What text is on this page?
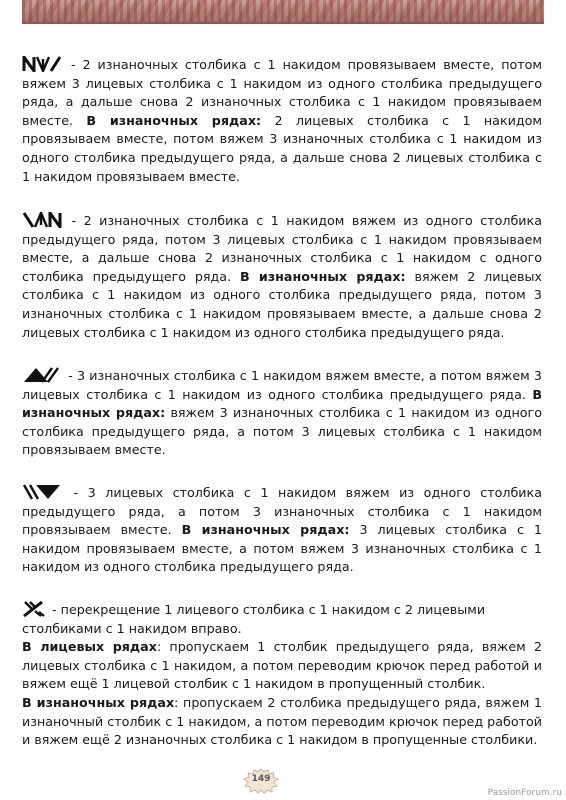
- 2 изнаночных столбика с 1 накидом провязываем вместе, потом вяжем 3 лицевых столбика с 1 накидом из одного столбика предыдущего ряда, а дальше снова 2 изнаночных столбика с 1 накидом провязываем вместе. В изнаночных рядах: 2 лицевых столбика с 1 накидом провязываем вместе, потом вяжем 3 изнаночных столбика с 1 накидом из одного столбика предыдущего ряда, а дальше снова 2 лицевых столбика с 1 накидом провязываем вместе.

- 2 изнаночных столбика с 1 накидом вяжем из одного столбика предыдущего ряда, потом 3 лицевых столбика с 1 накидом провязываем вместе, а дальше снова 2 изнаночных столбика с 1 накидом с одного столбика предыдущего ряда. В изнаночных рядах: вяжем 2 лицевых столбика с 1 накидом из одного столбика предыдущего ряда, потом 3 изнаночных столбика с 1 накидом провязываем вместе, а дальше снова 2 лицевых столбика с 1 накидом из одного столбика предыдущего ряда.

- 3 изнаночных столбика с 1 накидом вяжем вместе, а потом вяжем 3 лицевых столбика с 1 накидом из одного столбика предыдущего ряда. В изнаночных рядах: вяжем 3 изнаночных столбика с 1 накидом из одного столбика предыдущего ряда, а потом 3 лицевых столбика с 1 накидом провязываем вместе.

- 3 лицевых столбика с 1 накидом вяжем из одного столбика предыдущего ряда, а потом 3 изнаночных столбика с 1 накидом провязываем вместе. В изнаночных рядах: 3 лицевых столбика с 1 накидом провязываем вместе, а потом вяжем 3 изнаночных столбика с 1 накидом из одного столбика предыдущего ряда.

- перекрещение 1 лицевого столбика с 1 накидом с 2 лицевыми столбиками с 1 накидом вправо.

В лицевых рядах: пропускаем 1 столбик предыдущего ряда, вяжем 2 лицевых столбика с 1 накидом, а потом переводим крючок перед работой и вяжем ещё 1 лицевой столбик с 1 накидом в пропущенный столбик.

В изнаночных рядах: пропускаем 2 столбика предыдущего ряда, вяжем 1 изнаночный столбик с 1 накидом, а потом переводим крючок перед работой и вяжем ещё 2 изнаночных столбика с 1 накидом в пропущенные столбики.

149
PassionForum.ru
